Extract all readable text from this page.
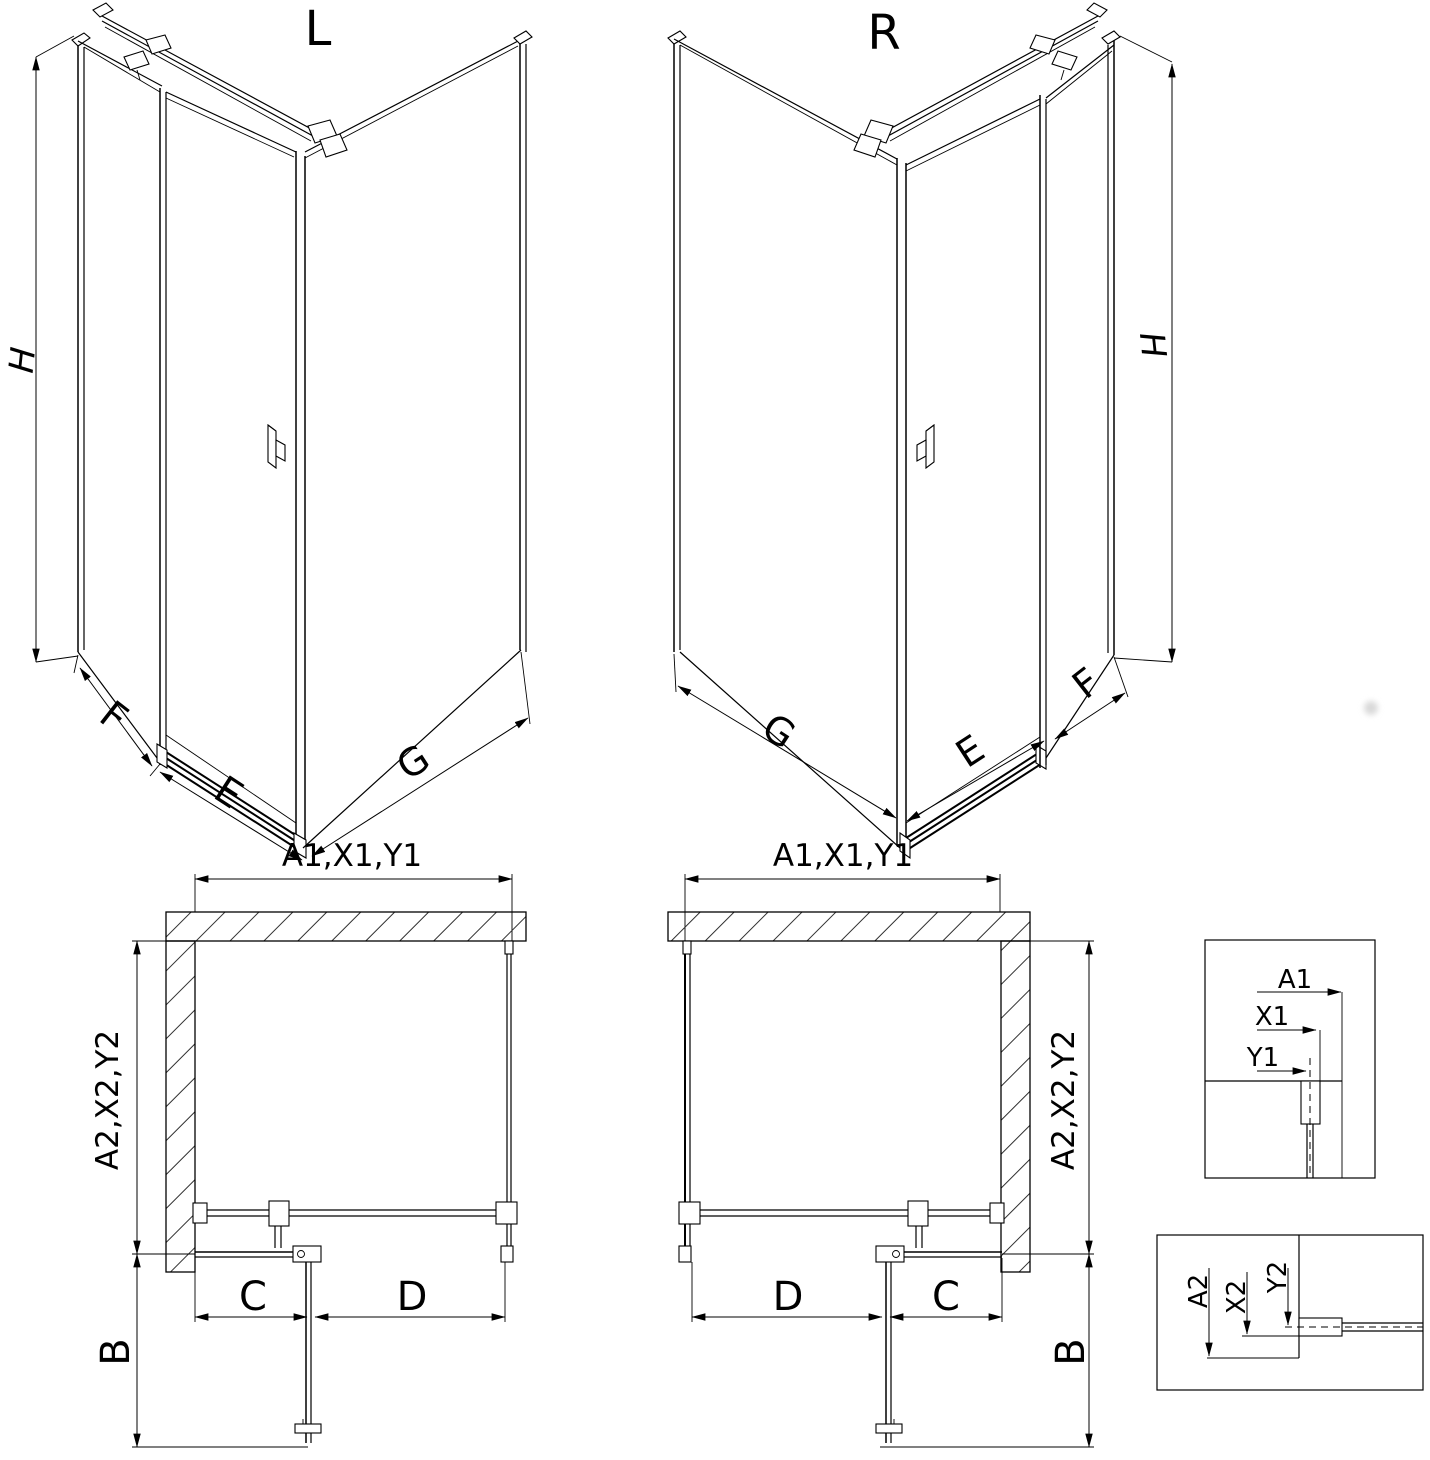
L
H
F
E
G
R
H
G	E
F
A1,X1,Y1
C	D
A2,X2,Y2
B
A1,X1,Y1
D	C
A2,X2,Y2
B
A1
X1
Y1
A2 X2
Y2
